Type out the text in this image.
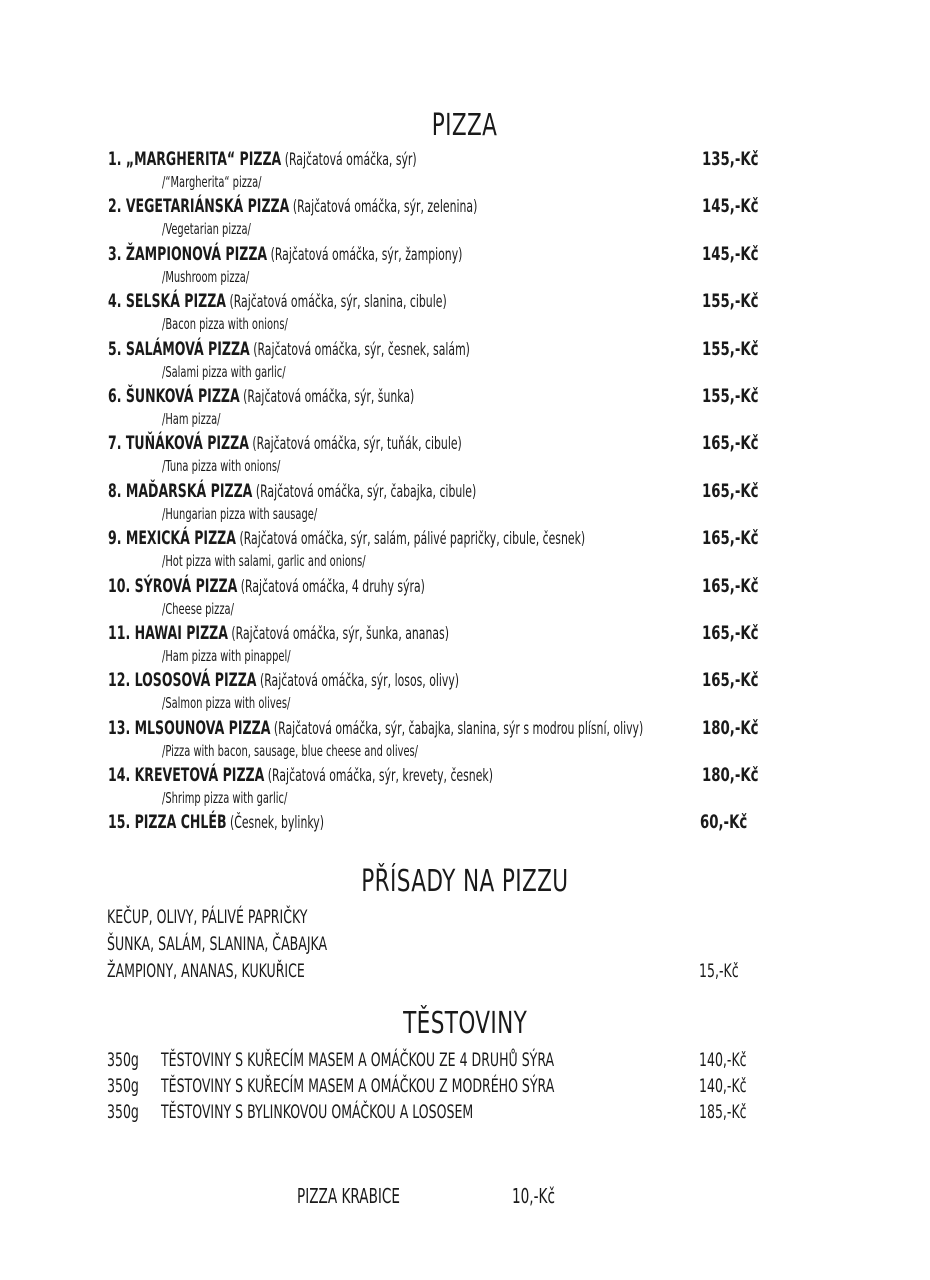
PIZZA
1. „MARGHERITA“ PIZZA (Rajčatová omáčka, sýr)
/“Margherita“ pizza/
135,-Kč
2. VEGETARIÁNSKÁ PIZZA (Rajčatová omáčka, sýr, zelenina)
/Vegetarian pizza/
145,-Kč
3. ŽAMPIONOVÁ PIZZA (Rajčatová omáčka, sýr, žampiony)
/Mushroom pizza/
145,-Kč
4. SELSKÁ PIZZA (Rajčatová omáčka, sýr, slanina, cibule)
/Bacon pizza with onions/
155,-Kč
5. SALÁMOVÁ PIZZA (Rajčatová omáčka, sýr, česnek, salám)
/Salami pizza with garlic/
155,-Kč
6. ŠUNKOVÁ PIZZA (Rajčatová omáčka, sýr, šunka)
/Ham pizza/
155,-Kč
7. TUŇÁKOVÁ PIZZA (Rajčatová omáčka, sýr, tuňák, cibule)
/Tuna pizza with onions/
165,-Kč
8. MAĎARSKÁ PIZZA (Rajčatová omáčka, sýr, čabajka, cibule)
/Hungarian pizza with sausage/
165,-Kč
9. MEXICKÁ PIZZA (Rajčatová omáčka, sýr, salám, pálivé papričky, cibule, česnek)
/Hot pizza with salami, garlic and onions/
165,-Kč
10. SÝROVÁ PIZZA (Rajčatová omáčka, 4 druhy sýra)
/Cheese pizza/
165,-Kč
11. HAWAI PIZZA (Rajčatová omáčka, sýr, šunka, ananas)
/Ham pizza with pinappel/
165,-Kč
12. LOSOSOVÁ PIZZA (Rajčatová omáčka, sýr, losos, olivy)
/Salmon pizza with olives/
165,-Kč
13. MLSOUNOVA PIZZA (Rajčatová omáčka, sýr, čabajka, slanina, sýr s modrou plísní, olivy)
/Pizza with bacon, sausage, blue cheese and olives/
180,-Kč
14. KREVETOVÁ PIZZA (Rajčatová omáčka, sýr, krevety, česnek)
/Shrimp pizza with garlic/
180,-Kč
15. PIZZA CHLÉB (Česnek, bylinky)	60,-Kč
PŘÍSADY NA PIZZU
KEČUP, OLIVY, PÁLIVÉ PAPRIČKY
ŠUNKA, SALÁM, SLANINA, ČABAJKA
ŽAMPIONY, ANANAS, KUKUŘICE	15,-Kč
TĚSTOVINY
350g TĚSTOVINY S KUŘECÍM MASEM A OMÁČKOU ZE 4 DRUHŮ SÝRA	140,-Kč
350g TĚSTOVINY S KUŘECÍM MASEM A OMÁČKOU Z MODRÉHO SÝRA	140,-Kč
350g TĚSTOVINY S BYLINKOVOU OMÁČKOU A LOSOSEM	185,-Kč
PIZZA KRABICE	10,-Kč
